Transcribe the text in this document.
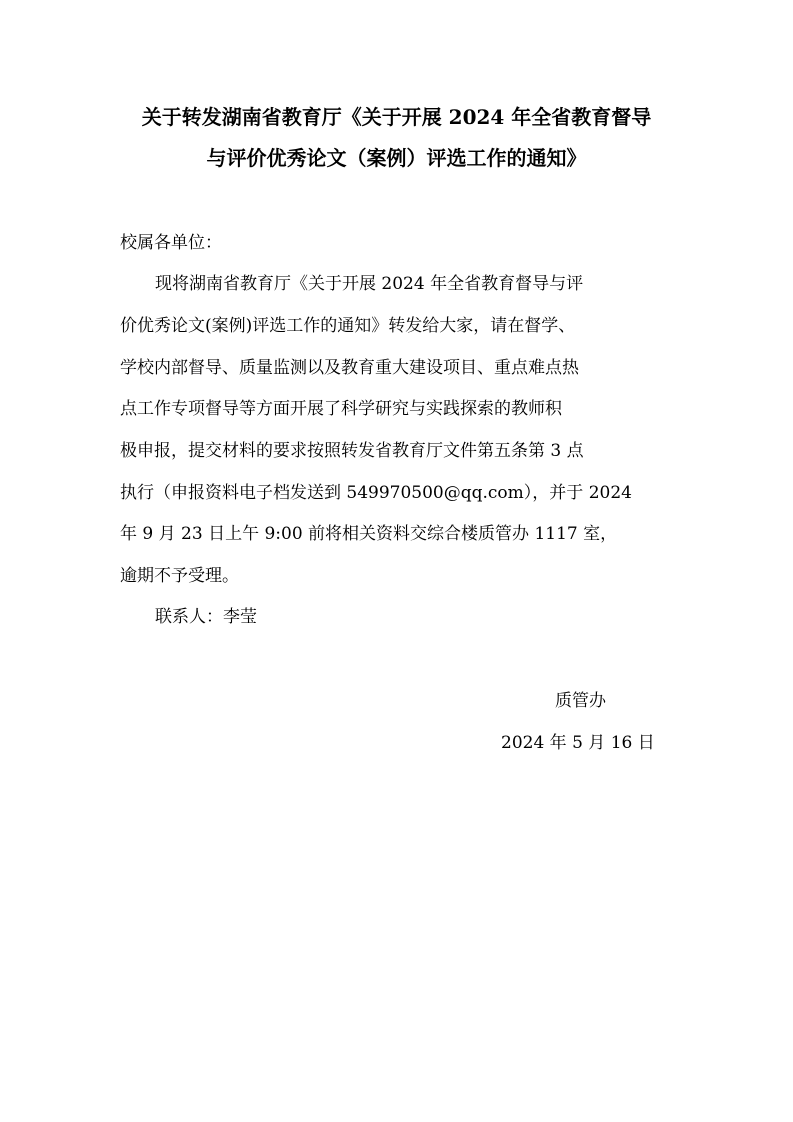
关于转发湖南省教育厅《关于开展 2024 年全省教育督导
与评价优秀论文（案例）评选工作的通知》
校属各单位：
现将湖南省教育厅《关于开展 2024 年全省教育督导与评
价优秀论文(案例)评选工作的通知》转发给大家，请在督学、
学校内部督导、质量监测以及教育重大建设项目、重点难点热
点工作专项督导等方面开展了科学研究与实践探索的教师积
极申报，提交材料的要求按照转发省教育厅文件第五条第 3 点
执行（申报资料电子档发送到 549970500@qq.com），并于 2024
年 9 月 23 日上午 9:00 前将相关资料交综合楼质管办 1117 室，
逾期不予受理。
联系人：李莹
质管办
2024 年 5 月 16 日
